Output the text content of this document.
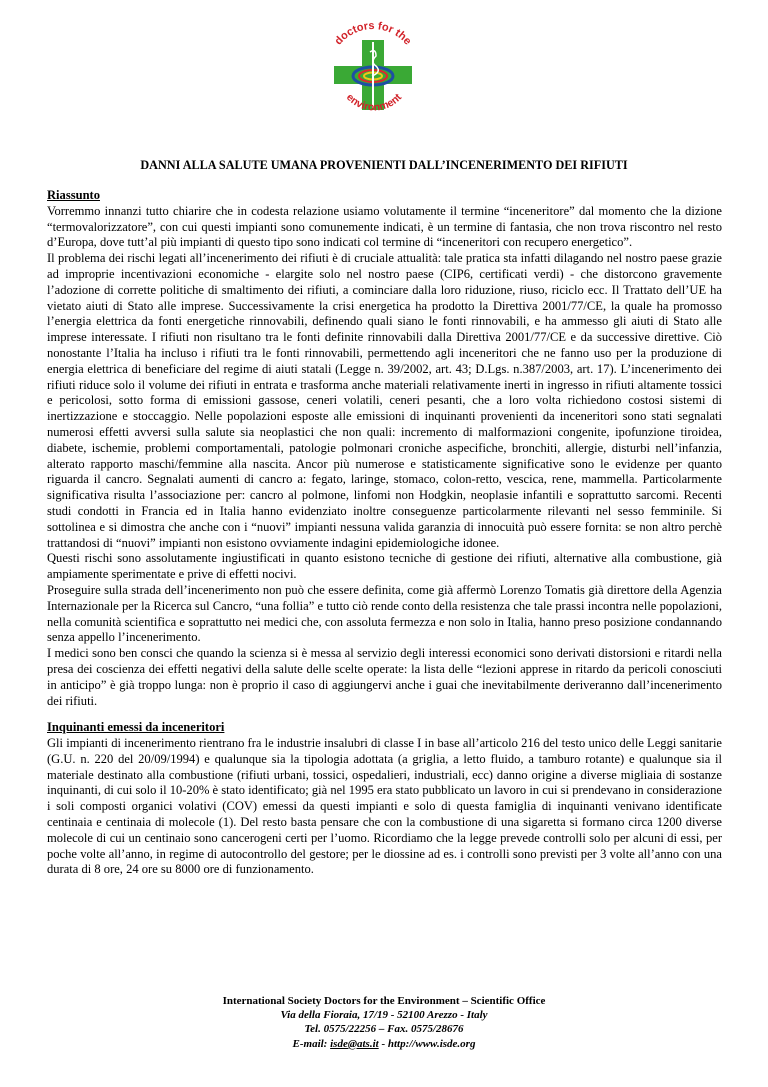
doctors for the
environment
DANNI ALLA SALUTE UMANA PROVENIENTI DALL’INCENERIMENTO DEI RIFIUTI
Riassunto

Vorremmo innanzi tutto chiarire che in codesta relazione usiamo volutamente il termine “inceneritore” dal momento che la dizione “termovalorizzatore”, con cui questi impianti sono comunemente indicati, è un termine di fantasia, che non trova riscontro nel resto d’Europa, dove tutt’al più impianti di questo tipo sono indicati col termine di “inceneritori con recupero energetico”.

Il problema dei rischi legati all’incenerimento dei rifiuti è di cruciale attualità: tale pratica sta infatti dilagando nel nostro paese grazie ad improprie incentivazioni economiche - elargite solo nel nostro paese (CIP6, certificati verdi) - che distorcono gravemente l’adozione di corrette politiche di smaltimento dei rifiuti, a cominciare dalla loro riduzione, riuso, riciclo ecc. Il Trattato dell’UE ha vietato aiuti di Stato alle imprese. Successivamente la crisi energetica ha prodotto la Direttiva 2001/77/CE, la quale ha promosso l’energia elettrica da fonti energetiche rinnovabili, definendo quali siano le fonti rinnovabili, e ha ammesso gli aiuti di Stato alle imprese interessate. I rifiuti non risultano tra le fonti definite rinnovabili dalla Direttiva 2001/77/CE e da successive direttive. Ciò nonostante l’Italia ha incluso i rifiuti tra le fonti rinnovabili, permettendo agli inceneritori che ne fanno uso per la produzione di energia elettrica di beneficiare del regime di aiuti statali (Legge n. 39/2002, art. 43; D.Lgs. n.387/2003, art. 17). L’incenerimento dei rifiuti riduce solo il volume dei rifiuti in entrata e trasforma anche materiali relativamente inerti in ingresso in rifiuti altamente tossici e pericolosi, sotto forma di emissioni gassose, ceneri volatili, ceneri pesanti, che a loro volta richiedono costosi sistemi di inertizzazione e stoccaggio. Nelle popolazioni esposte alle emissioni di inquinanti provenienti da inceneritori sono stati segnalati numerosi effetti avversi sulla salute sia neoplastici che non quali: incremento di malformazioni congenite, ipofunzione tiroidea, diabete, ischemie, problemi comportamentali, patologie polmonari croniche aspecifiche, bronchiti, allergie, disturbi nell’infanzia, alterato rapporto maschi/femmine alla nascita. Ancor più numerose e statisticamente significative sono le evidenze per quanto riguarda il cancro. Segnalati aumenti di cancro a: fegato, laringe, stomaco, colon-retto, vescica, rene, mammella. Particolarmente significativa risulta l’associazione per: cancro al polmone, linfomi non Hodgkin, neoplasie infantili e soprattutto sarcomi. Recenti studi condotti in Francia ed in Italia hanno evidenziato inoltre conseguenze particolarmente rilevanti nel sesso femminile. Si sottolinea e si dimostra che anche con i “nuovi” impianti nessuna valida garanzia di innocuità può essere fornita: se non altro perchè trattandosi di “nuovi” impianti non esistono ovviamente indagini epidemiologiche idonee.

Questi rischi sono assolutamente ingiustificati in quanto esistono tecniche di gestione dei rifiuti, alternative alla combustione, già ampiamente sperimentate e prive di effetti nocivi.

Proseguire sulla strada dell’incenerimento non può che essere definita, come già affermò Lorenzo Tomatis già direttore della Agenzia Internazionale per la Ricerca sul Cancro, “una follia” e tutto ciò rende conto della resistenza che tale prassi incontra nelle popolazioni, nella comunità scientifica e soprattutto nei medici che, con assoluta fermezza e non solo in Italia, hanno preso posizione condannando senza appello l’incenerimento.

I medici sono ben consci che quando la scienza si è messa al servizio degli interessi economici sono derivati distorsioni e ritardi nella presa dei coscienza dei effetti negativi della salute delle scelte operate: la lista delle “lezioni apprese in ritardo da pericoli conosciuti in anticipo” è già troppo lunga: non è proprio il caso di aggiungervi anche i guai che inevitabilmente deriveranno dall’incenerimento dei rifiuti.

Inquinanti emessi da inceneritori

Gli impianti di incenerimento rientrano fra le industrie insalubri di classe I in base all’articolo 216 del testo unico delle Leggi sanitarie (G.U. n. 220 del 20/09/1994) e qualunque sia la tipologia adottata (a griglia, a letto fluido, a tamburo rotante) e qualunque sia il materiale destinato alla combustione (rifiuti urbani, tossici, ospedalieri, industriali, ecc) danno origine a diverse migliaia di sostanze inquinanti, di cui solo il 10-20% è stato identificato; già nel 1995 era stato pubblicato un lavoro in cui si prendevano in considerazione i soli composti organici volativi (COV) emessi da questi impianti e solo di questa famiglia di inquinanti venivano identificate centinaia e centinaia di molecole (1). Del resto basta pensare che con la combustione di una sigaretta si formano circa 1200 diverse molecole di cui un centinaio sono cancerogeni certi per l’uomo. Ricordiamo che la legge prevede controlli solo per alcuni di essi, per poche volte all’anno, in regime di autocontrollo del gestore; per le diossine ad es. i controlli sono previsti per 3 volte all’anno con una durata di 8 ore, 24 ore su 8000 ore di funzionamento.

International Society Doctors for the Environment – Scientific Office
Via della Fioraia, 17/19 - 52100 Arezzo - Italy
Tel. 0575/22256 – Fax. 0575/28676
E-mail: isde@ats.it - http://www.isde.org
